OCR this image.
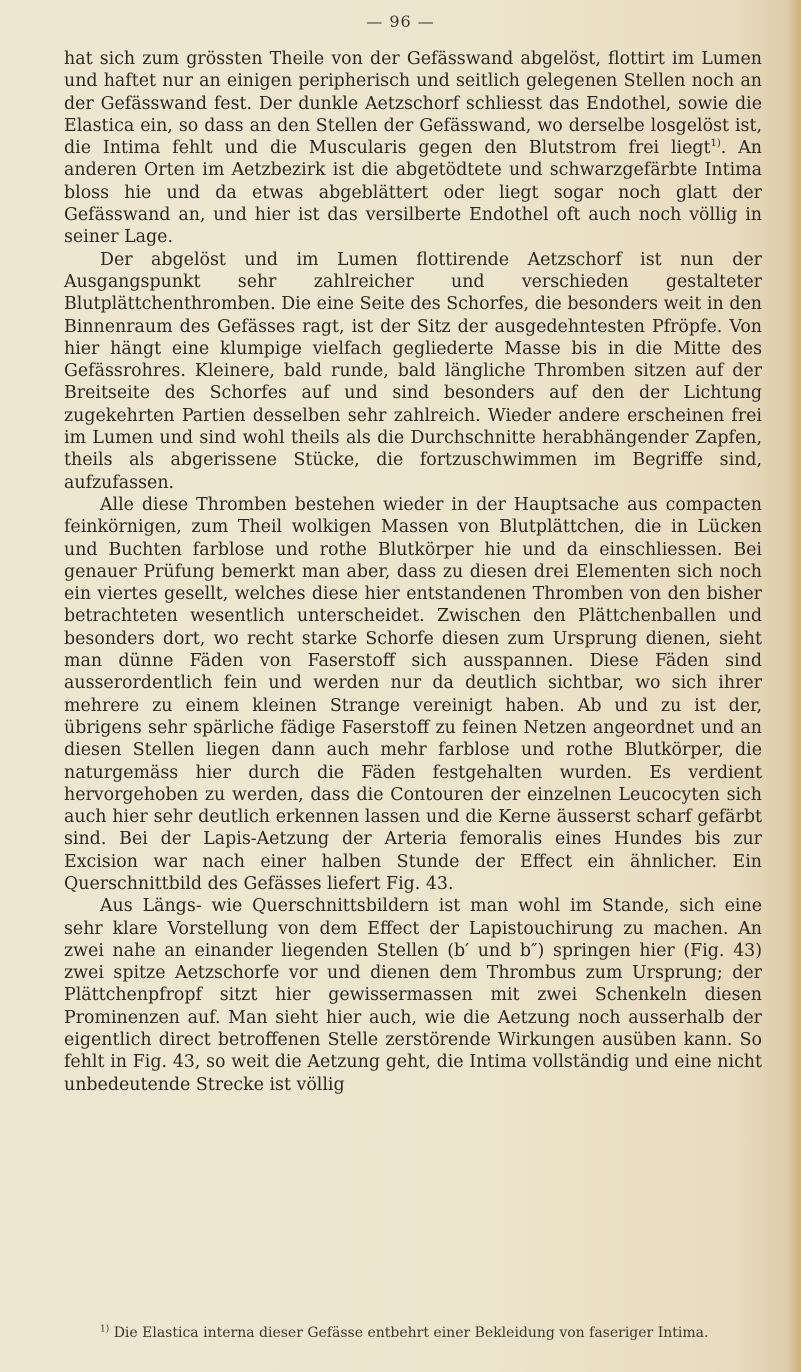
— 96 —

hat sich zum grössten Theile von der Gefässwand abgelöst, flottirt im Lumen und haftet nur an einigen peripherisch und seitlich gelegenen Stellen noch an der Gefässwand fest. Der dunkle Aetzschorf schliesst das Endothel, sowie die Elastica ein, so dass an den Stellen der Gefässwand, wo derselbe losgelöst ist, die Intima fehlt und die Muscularis gegen den Blutstrom frei liegt$^{1)}$. An anderen Orten im Aetzbezirk ist die abgetödtete und schwarzgefärbte Intima bloss hie und da etwas abgeblättert oder liegt sogar noch glatt der Gefässwand an, und hier ist das versilberte Endothel oft auch noch völlig in seiner Lage.

Der abgelöst und im Lumen flottirende Aetzschorf ist nun der Ausgangspunkt sehr zahlreicher und verschieden gestalteter Blutplättchenthromben. Die eine Seite des Schorfes, die besonders weit in den Binnenraum des Gefässes ragt, ist der Sitz der ausgedehntesten Pfröpfe. Von hier hängt eine klumpige vielfach gegliederte Masse bis in die Mitte des Gefässrohres. Kleinere, bald runde, bald längliche Thromben sitzen auf der Breitseite des Schorfes auf und sind besonders auf den der Lichtung zugekehrten Partien desselben sehr zahlreich. Wieder andere erscheinen frei im Lumen und sind wohl theils als die Durchschnitte herabhängender Zapfen, theils als abgerissene Stücke, die fortzuschwimmen im Begriffe sind, aufzufassen.

Alle diese Thromben bestehen wieder in der Hauptsache aus compacten feinkörnigen, zum Theil wolkigen Massen von Blutplättchen, die in Lücken und Buchten farblose und rothe Blutkörper hie und da einschliessen. Bei genauer Prüfung bemerkt man aber, dass zu diesen drei Elementen sich noch ein viertes gesellt, welches diese hier entstandenen Thromben von den bisher betrachteten wesentlich unterscheidet. Zwischen den Plättchenballen und besonders dort, wo recht starke Schorfe diesen zum Ursprung dienen, sieht man dünne Fäden von Faserstoff sich ausspannen. Diese Fäden sind ausserordentlich fein und werden nur da deutlich sichtbar, wo sich ihrer mehrere zu einem kleinen Strange vereinigt haben. Ab und zu ist der, übrigens sehr spärliche fädige Faserstoff zu feinen Netzen angeordnet und an diesen Stellen liegen dann auch mehr farblose und rothe Blutkörper, die naturgemäss hier durch die Fäden festgehalten wurden. Es verdient hervorgehoben zu werden, dass die Contouren der einzelnen Leucocyten sich auch hier sehr deutlich erkennen lassen und die Kerne äusserst scharf gefärbt sind. Bei der Lapis-Aetzung der Arteria femoralis eines Hundes bis zur Excision war nach einer halben Stunde der Effect ein ähnlicher. Ein Querschnittbild des Gefässes liefert Fig. 43.

Aus Längs- wie Querschnittsbildern ist man wohl im Stande, sich eine sehr klare Vorstellung von dem Effect der Lapistouchirung zu machen. An zwei nahe an einander liegenden Stellen (b′ und b″) springen hier (Fig. 43) zwei spitze Aetzschorfe vor und dienen dem Thrombus zum Ursprung; der Plättchenpfropf sitzt hier gewissermassen mit zwei Schenkeln diesen Prominenzen auf. Man sieht hier auch, wie die Aetzung noch ausserhalb der eigentlich direct betroffenen Stelle zerstörende Wirkungen ausüben kann. So fehlt in Fig. 43, so weit die Aetzung geht, die Intima vollständig und eine nicht unbedeutende Strecke ist völlig

$^{1)}$ Die Elastica interna dieser Gefässe entbehrt einer Bekleidung von faseriger Intima.
